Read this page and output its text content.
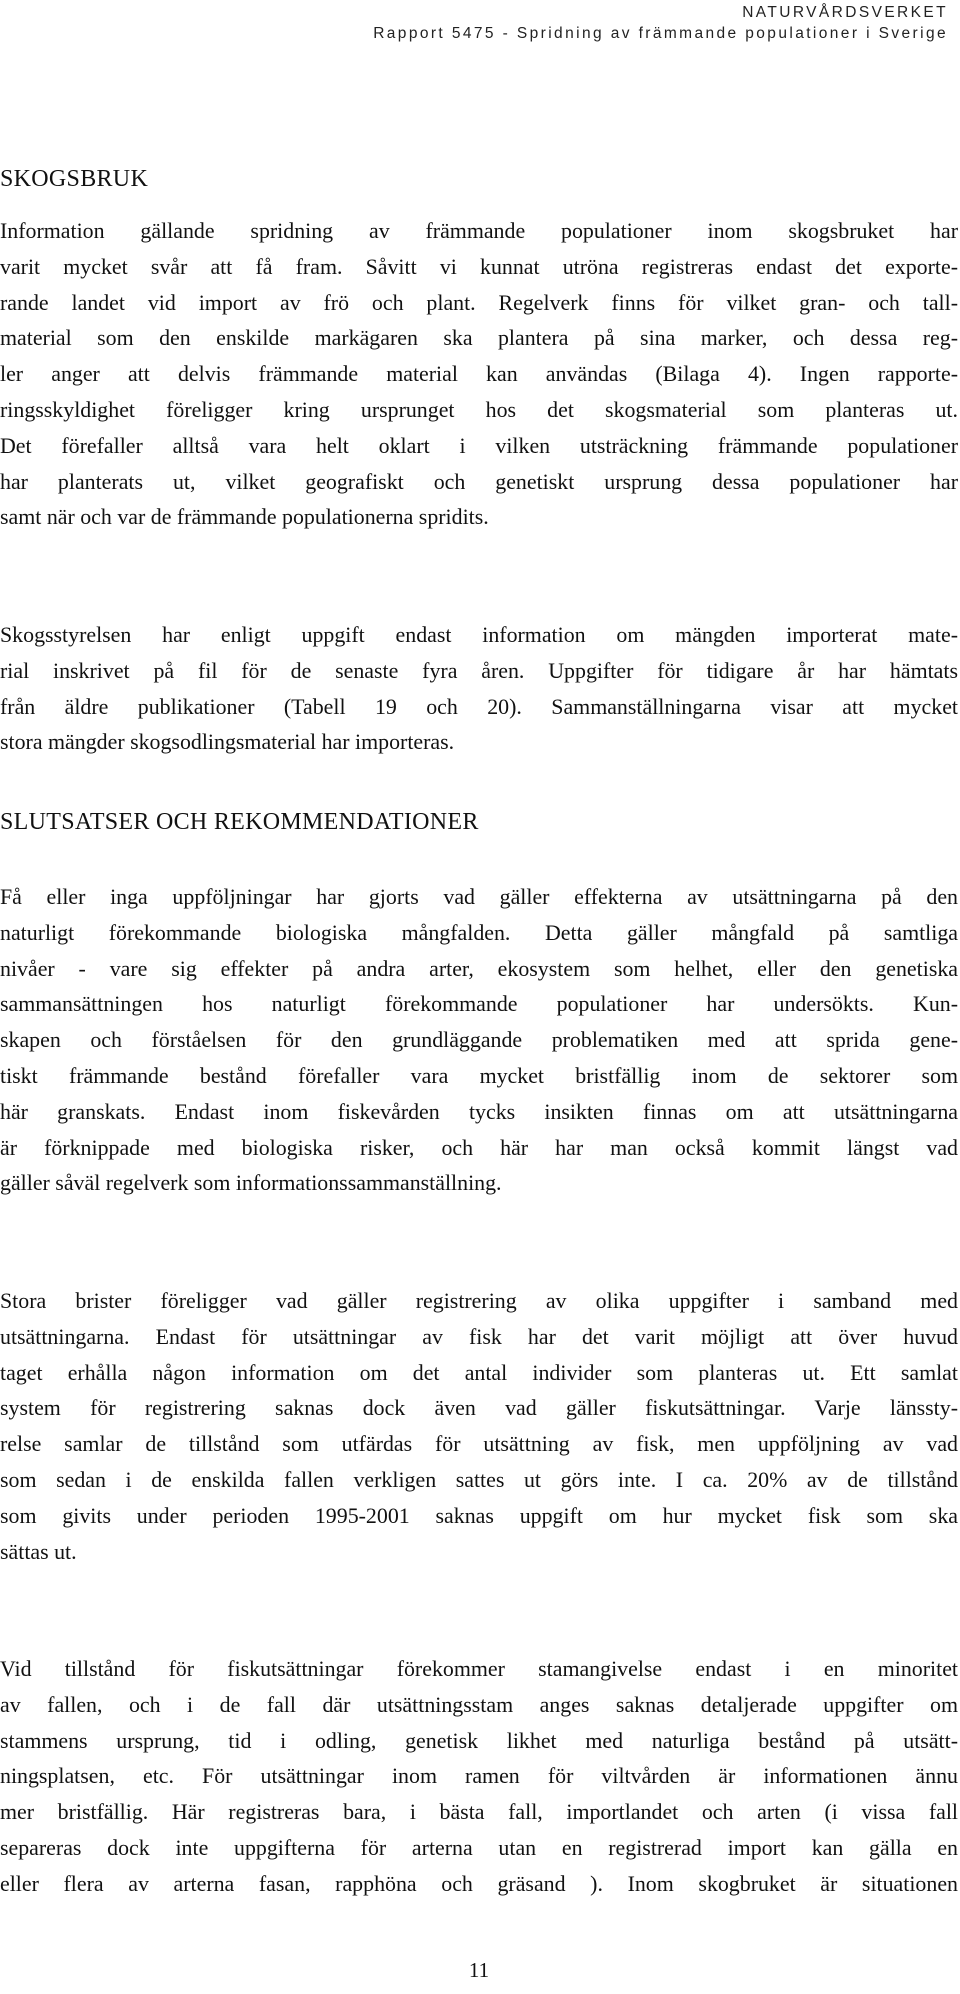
NATURVÅRDSVERKET
Rapport 5475 - Spridning av främmande populationer i Sverige
SKOGSBRUK

Information gällande spridning av främmande populationer inom skogsbruket har
varit mycket svår att få fram. Såvitt vi kunnat utröna registreras endast det exporte-
rande landet vid import av frö och plant. Regelverk finns för vilket gran- och tall-
material som den enskilde markägaren ska plantera på sina marker, och dessa reg-
ler anger att delvis främmande material kan användas (Bilaga 4). Ingen rapporte-
ringsskyldighet föreligger kring ursprunget hos det skogsmaterial som planteras ut.
Det förefaller alltså vara helt oklart i vilken utsträckning främmande populationer
har planterats ut, vilket geografiskt och genetiskt ursprung dessa populationer har
samt när och var de främmande populationerna spridits.

Skogsstyrelsen har enligt uppgift endast information om mängden importerat mate-
rial inskrivet på fil för de senaste fyra åren. Uppgifter för tidigare år har hämtats
från äldre publikationer (Tabell 19 och 20). Sammanställningarna visar att mycket
stora mängder skogsodlingsmaterial har importeras.

SLUTSATSER OCH REKOMMENDATIONER

Få eller inga uppföljningar har gjorts vad gäller effekterna av utsättningarna på den
naturligt förekommande biologiska mångfalden. Detta gäller mångfald på samtliga
nivåer - vare sig effekter på andra arter, ekosystem som helhet, eller den genetiska
sammansättningen hos naturligt förekommande populationer har undersökts. Kun-
skapen och förståelsen för den grundläggande problematiken med att sprida gene-
tiskt främmande bestånd förefaller vara mycket bristfällig inom de sektorer som
här granskats. Endast inom fiskevården tycks insikten finnas om att utsättningarna
är förknippade med biologiska risker, och här har man också kommit längst vad
gäller såväl regelverk som informationssammanställning.

Stora brister föreligger vad gäller registrering av olika uppgifter i samband med
utsättningarna. Endast för utsättningar av fisk har det varit möjligt att över huvud
taget erhålla någon information om det antal individer som planteras ut. Ett samlat
system för registrering saknas dock även vad gäller fiskutsättningar. Varje länssty-
relse samlar de tillstånd som utfärdas för utsättning av fisk, men uppföljning av vad
som sedan i de enskilda fallen verkligen sattes ut görs inte. I ca. 20% av de tillstånd
som givits under perioden 1995-2001 saknas uppgift om hur mycket fisk som ska
sättas ut.

Vid tillstånd för fiskutsättningar förekommer stamangivelse endast i en minoritet
av fallen, och i de fall där utsättningsstam anges saknas detaljerade uppgifter om
stammens ursprung, tid i odling, genetisk likhet med naturliga bestånd på utsätt-
ningsplatsen, etc. För utsättningar inom ramen för viltvården är informationen ännu
mer bristfällig. Här registreras bara, i bästa fall, importlandet och arten (i vissa fall
separeras dock inte uppgifterna för arterna utan en registrerad import kan gälla en
eller flera av arterna fasan, rapphöna och gräsand ). Inom skogbruket är situationen

11
